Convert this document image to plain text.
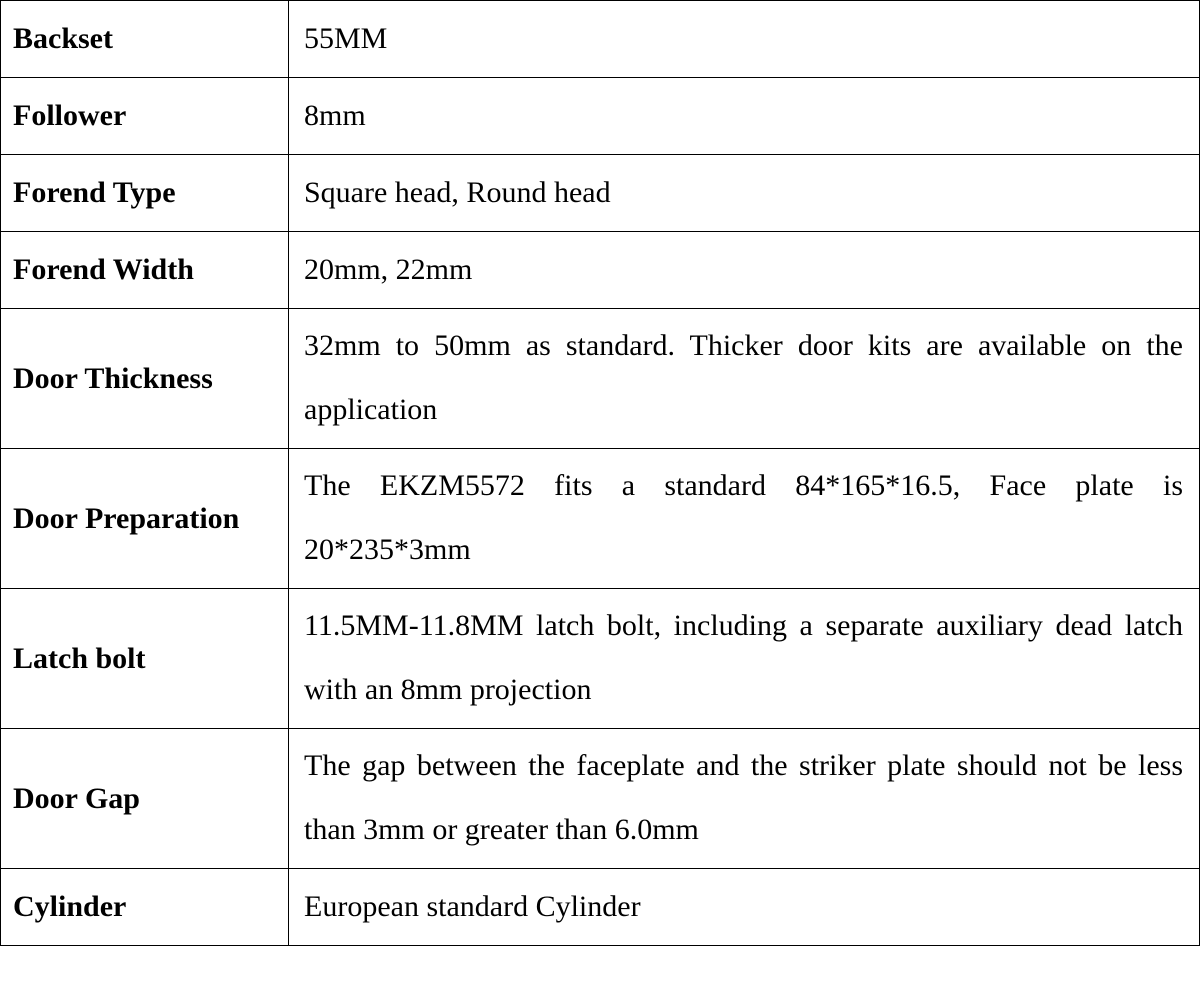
Backset	55MM

Follower	8mm

Forend Type	Square head, Round head

Forend Width	20mm, 22mm

Door Thickness	32mm to 50mm as standard. Thicker door kits are available on the application

Door Preparation	The EKZM5572 fits a standard 84*165*16.5, Face plate is 20*235*3mm

Latch bolt	11.5MM-11.8MM latch bolt, including a separate auxiliary dead latch with an 8mm projection

Door Gap	The gap between the faceplate and the striker plate should not be less than 3mm or greater than 6.0mm

Cylinder	European standard Cylinder
